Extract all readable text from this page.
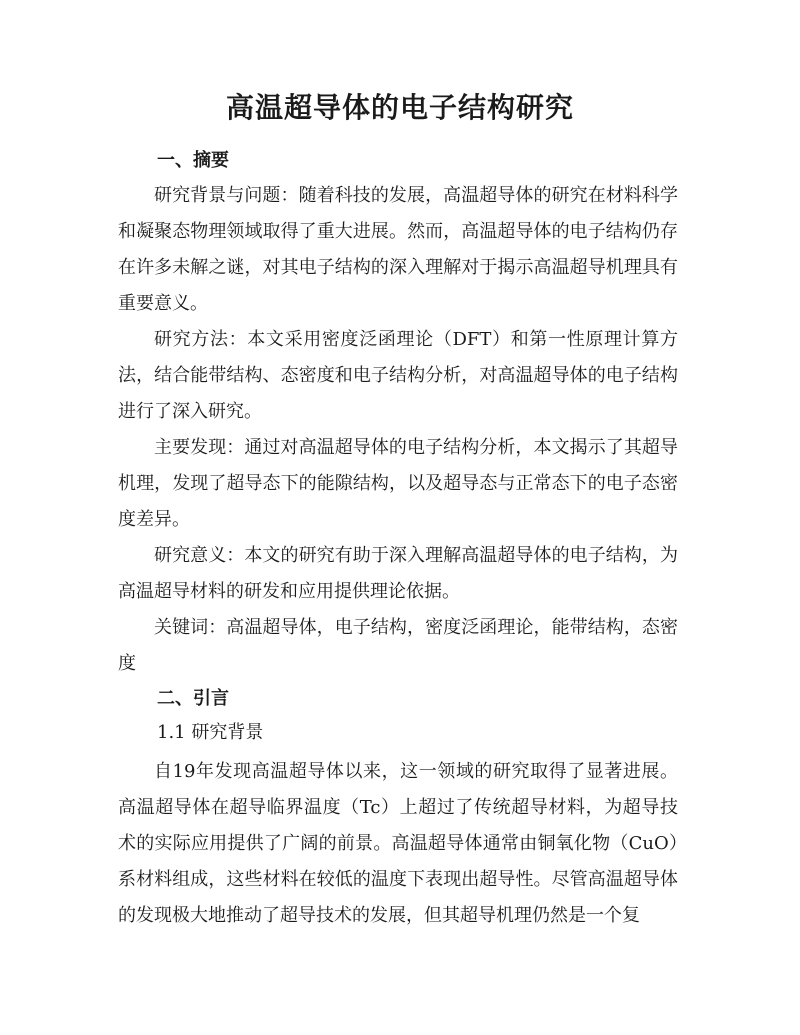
高温超导体的电子结构研究
一、摘要

研究背景与问题：随着科技的发展，高温超导体的研究在材料科学和凝聚态物理领域取得了重大进展。然而，高温超导体的电子结构仍存在许多未解之谜，对其电子结构的深入理解对于揭示高温超导机理具有重要意义。

研究方法：本文采用密度泛函理论（DFT）和第一性原理计算方法，结合能带结构、态密度和电子结构分析，对高温超导体的电子结构进行了深入研究。

主要发现：通过对高温超导体的电子结构分析，本文揭示了其超导机理，发现了超导态下的能隙结构，以及超导态与正常态下的电子态密度差异。

研究意义：本文的研究有助于深入理解高温超导体的电子结构，为高温超导材料的研发和应用提供理论依据。

关键词：高温超导体，电子结构，密度泛函理论，能带结构，态密度

二、引言

1.1 研究背景

自19年发现高温超导体以来，这一领域的研究取得了显著进展。高温超导体在超导临界温度（Tc）上超过了传统超导材料，为超导技术的实际应用提供了广阔的前景。高温超导体通常由铜氧化物（CuO）系材料组成，这些材料在较低的温度下表现出超导性。尽管高温超导体的发现极大地推动了超导技术的发展，但其超导机理仍然是一个复
